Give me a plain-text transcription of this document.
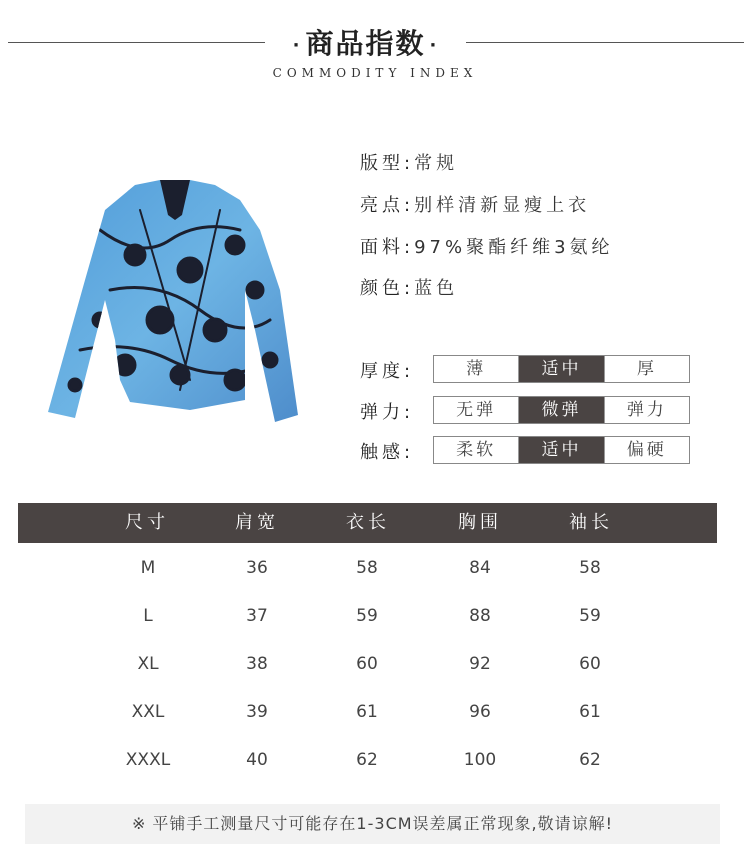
· 商品指数 ·
COMMODITY INDEX
版型:常规
亮点:别样清新显瘦上衣
面料:97%聚酯纤维3氨纶
颜色:蓝色
厚度:	薄	适中	厚
弹力:	无弹	微弹	弹力
触感:	柔软	适中	偏硬
尺寸	肩宽	衣长	胸围	袖长
M	36	58	84	58
L	37	59	88	59
XL	38	60	92	60
XXL	39	61	96	61
XXXL	40	62	100	62
※ 平铺手工测量尺寸可能存在1-3CM误差属正常现象,敬请谅解!
